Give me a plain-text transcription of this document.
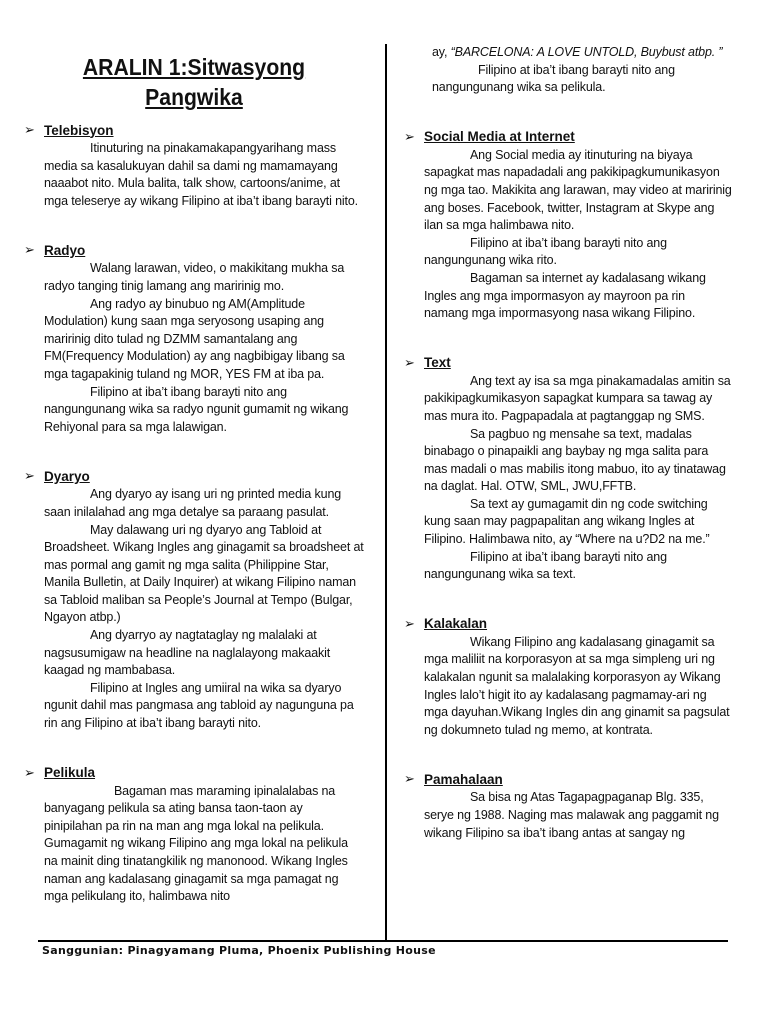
ARALIN 1:Sitwasyong Pangwika
➢ Telebisyon

Itinuturing na pinakamakapangyarihang mass media sa kasalukuyan dahil sa dami ng mamamayang naaabot nito. Mula balita, talk show, cartoons/anime, at mga teleserye ay wikang Filipino at iba’t ibang barayti nito.

➢ Radyo

Walang larawan, video, o makikitang mukha sa radyo tanging tinig lamang ang maririnig mo.

Ang radyo ay binubuo ng AM(Amplitude Modulation) kung saan mga seryosong usaping ang maririnig dito tulad ng DZMM samantalang ang FM(Frequency Modulation) ay ang nagbibigay libang sa mga tagapakinig tuland ng MOR, YES FM at iba pa.

Filipino at iba’t ibang barayti nito ang nangungunang wika sa radyo ngunit gumamit ng wikang Rehiyonal para sa mga lalawigan.

➢ Dyaryo

Ang dyaryo ay isang uri ng printed media kung saan inilalahad ang mga detalye sa paraang pasulat.

May dalawang uri ng dyaryo ang Tabloid at Broadsheet. Wikang Ingles ang ginagamit sa broadsheet at mas pormal ang gamit ng mga salita (Philippine Star, Manila Bulletin, at Daily Inquirer) at wikang Filipino naman sa Tabloid maliban sa People’s Journal at Tempo (Bulgar, Ngayon atbp.)

Ang dyarryo ay nagtataglay ng malalaki at nagsusumigaw na headline na naglalayong makaakit kaagad ng mambabasa.

Filipino at Ingles ang umiiral na wika sa dyaryo ngunit dahil mas pangmasa ang tabloid ay nagunguna pa rin ang Filipino at iba’t ibang barayti nito.

➢ Pelikula

Bagaman mas maraming ipinalalabas na banyagang pelikula sa ating bansa taon-taon ay pinipilahan pa rin na man ang mga lokal na pelikula. Gumagamit ng wikang Filipino ang mga lokal na pelikula na mainit ding tinatangkilik ng manonood. Wikang Ingles naman ang kadalasang ginagamit sa mga pamagat ng mga pelikulang ito, halimbawa nito

ay, “BARCELONA: A LOVE UNTOLD, Buybust atbp. ”

Filipino at iba’t ibang barayti nito ang nangungunang wika sa pelikula.

➢ Social Media at Internet

Ang Social media ay itinuturing na biyaya sapagkat mas napadadali ang pakikipagkumunikasyon ng mga tao. Makikita ang larawan, may video at maririnig ang boses. Facebook, twitter, Instagram at Skype ang ilan sa mga halimbawa nito.

Filipino at iba’t ibang barayti nito ang nangungunang wika rito.

Bagaman sa internet ay kadalasang wikang Ingles ang mga impormasyon ay mayroon pa rin namang mga impormasyong nasa wikang Filipino.

➢ Text

Ang text ay isa sa mga pinakamadalas amitin sa pakikipagkumikasyon sapagkat kumpara sa tawag ay mas mura ito. Pagpapadala at pagtanggap ng SMS.

Sa pagbuo ng mensahe sa text, madalas binabago o pinapaikli ang baybay ng mga salita para mas madali o mas mabilis itong mabuo, ito ay tinatawag na daglat. Hal. OTW, SML, JWU,FFTB.

Sa text ay gumagamit din ng code switching kung saan may pagpapalitan ang wikang Ingles at Filipino. Halimbawa nito, ay “Where na u?D2 na me.”

Filipino at iba’t ibang barayti nito ang nangungunang wika sa text.

➢ Kalakalan

Wikang Filipino ang kadalasang ginagamit sa mga maliliit na korporasyon at sa mga simpleng uri ng kalakalan ngunit sa malalaking korporasyon ay Wikang Ingles lalo’t higit ito ay kadalasang pagmamay-ari ng mga dayuhan.Wikang Ingles din ang ginamit sa pagsulat ng dokumneto tulad ng memo, at kontrata.

➢ Pamahalaan

Sa bisa ng Atas Tagapagpaganap Blg. 335, serye ng 1988. Naging mas malawak ang paggamit ng wikang Filipino sa iba’t ibang antas at sangay ng

Sanggunian: Pinagyamang Pluma, Phoenix Publishing House
